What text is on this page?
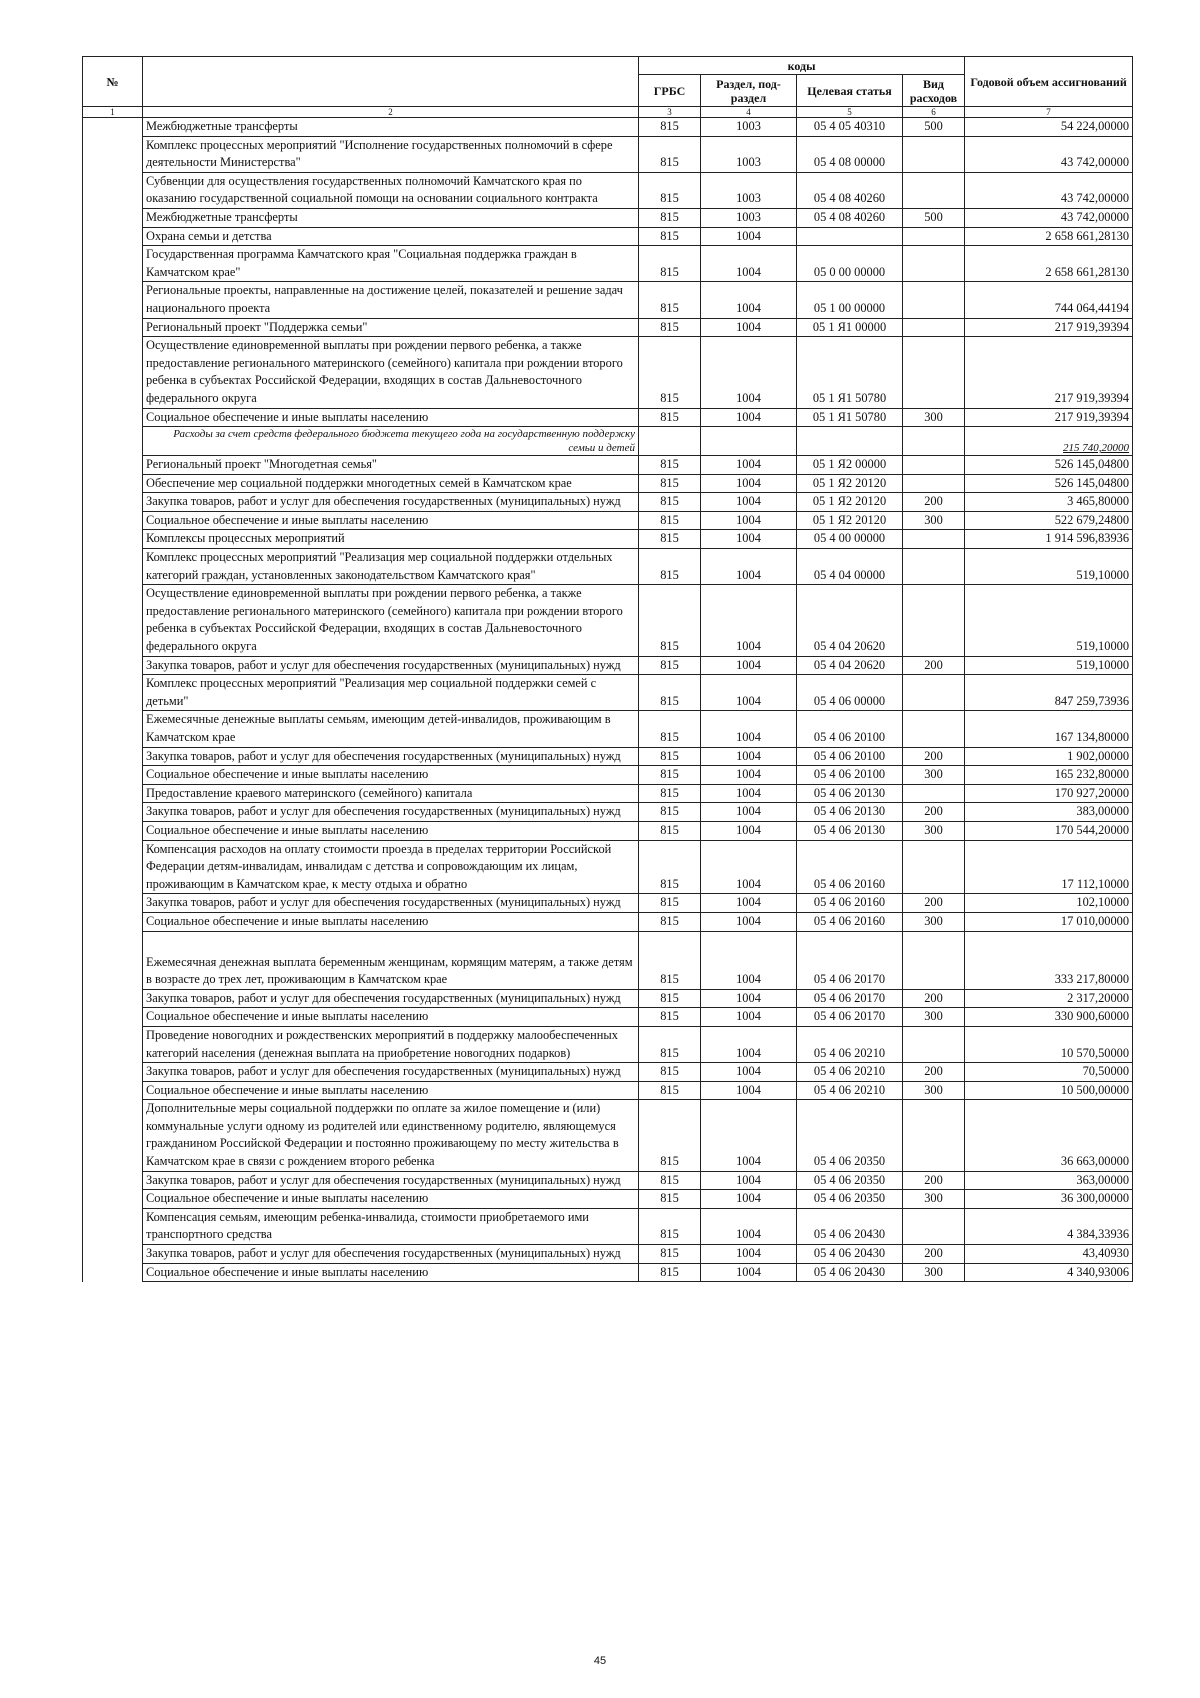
№		коды				Годовой объем ассигнований
		ГРБС	Раздел, под-раздел	Целевая статья	Вид расходов	
1	2	3	4	5	6	7
	Межбюджетные трансферты	815	1003	05 4 05 40310	500	54 224,00000
	Комплекс процессных мероприятий "Исполнение государственных полномочий в сфере деятельности Министерства"	815	1003	05 4 08 00000		43 742,00000
	Субвенции для осуществления государственных полномочий Камчатского края по оказанию государственной социальной помощи на основании социального контракта	815	1003	05 4 08 40260		43 742,00000
	Межбюджетные трансферты	815	1003	05 4 08 40260	500	43 742,00000
	Охрана семьи и детства	815	1004			2 658 661,28130
	Государственная программа Камчатского края "Социальная поддержка граждан в Камчатском крае"	815	1004	05 0 00 00000		2 658 661,28130
	Региональные проекты, направленные на достижение целей, показателей и решение задач национального проекта	815	1004	05 1 00 00000		744 064,44194
	Региональный проект "Поддержка семьи"	815	1004	05 1 Я1 00000		217 919,39394
	Осуществление единовременной выплаты при рождении первого ребенка, а также предоставление регионального материнского (семейного) капитала при рождении второго ребенка в субъектах Российской Федерации, входящих в состав Дальневосточного федерального округа	815	1004	05 1 Я1 50780		217 919,39394
	Социальное обеспечение и иные выплаты населению	815	1004	05 1 Я1 50780	300	217 919,39394
	Расходы за счет средств федерального бюджета текущего года на государственную поддержку семьи и детей					215 740,20000
	Региональный проект "Многодетная семья"	815	1004	05 1 Я2 00000		526 145,04800
	Обеспечение мер социальной поддержки многодетных семей в Камчатском крае	815	1004	05 1 Я2 20120		526 145,04800
	Закупка товаров, работ и услуг для обеспечения государственных (муниципальных) нужд	815	1004	05 1 Я2 20120	200	3 465,80000
	Социальное обеспечение и иные выплаты населению	815	1004	05 1 Я2 20120	300	522 679,24800
	Комплексы процессных мероприятий	815	1004	05 4 00 00000		1 914 596,83936
	Комплекс процессных мероприятий "Реализация мер социальной поддержки отдельных категорий граждан, установленных законодательством Камчатского края"	815	1004	05 4 04 00000		519,10000
	Осуществление единовременной выплаты при рождении первого ребенка, а также предоставление регионального материнского (семейного) капитала при рождении второго ребенка в субъектах Российской Федерации, входящих в состав Дальневосточного федерального округа	815	1004	05 4 04 20620		519,10000
	Закупка товаров, работ и услуг для обеспечения государственных (муниципальных) нужд	815	1004	05 4 04 20620	200	519,10000
	Комплекс процессных мероприятий "Реализация мер социальной поддержки семей с детьми"	815	1004	05 4 06 00000		847 259,73936
	Ежемесячные денежные выплаты семьям, имеющим детей-инвалидов, проживающим в Камчатском крае	815	1004	05 4 06 20100		167 134,80000
	Закупка товаров, работ и услуг для обеспечения государственных (муниципальных) нужд	815	1004	05 4 06 20100	200	1 902,00000
	Социальное обеспечение и иные выплаты населению	815	1004	05 4 06 20100	300	165 232,80000
	Предоставление краевого материнского (семейного) капитала	815	1004	05 4 06 20130		170 927,20000
	Закупка товаров, работ и услуг для обеспечения государственных (муниципальных) нужд	815	1004	05 4 06 20130	200	383,00000
	Социальное обеспечение и иные выплаты населению	815	1004	05 4 06 20130	300	170 544,20000
	Компенсация расходов на оплату стоимости проезда в пределах территории Российской Федерации детям-инвалидам, инвалидам с детства и сопровождающим их лицам, проживающим в Камчатском крае, к месту отдыха и обратно	815	1004	05 4 06 20160		17 112,10000
	Закупка товаров, работ и услуг для обеспечения государственных (муниципальных) нужд	815	1004	05 4 06 20160	200	102,10000
	Социальное обеспечение и иные выплаты населению	815	1004	05 4 06 20160	300	17 010,00000
	Ежемесячная денежная выплата беременным женщинам, кормящим матерям, а также детям в возрасте до трех лет, проживающим в Камчатском крае	815	1004	05 4 06 20170		333 217,80000
	Закупка товаров, работ и услуг для обеспечения государственных (муниципальных) нужд	815	1004	05 4 06 20170	200	2 317,20000
	Социальное обеспечение и иные выплаты населению	815	1004	05 4 06 20170	300	330 900,60000
	Проведение новогодних и рождественских мероприятий в поддержку малообеспеченных категорий населения (денежная выплата на приобретение новогодних подарков)	815	1004	05 4 06 20210		10 570,50000
	Закупка товаров, работ и услуг для обеспечения государственных (муниципальных) нужд	815	1004	05 4 06 20210	200	70,50000
	Социальное обеспечение и иные выплаты населению	815	1004	05 4 06 20210	300	10 500,00000
	Дополнительные меры социальной поддержки по оплате за жилое помещение и (или) коммунальные услуги одному из родителей или единственному родителю, являющемуся гражданином Российской Федерации и постоянно проживающему по месту жительства в Камчатском крае в связи с рождением второго ребенка	815	1004	05 4 06 20350		36 663,00000
	Закупка товаров, работ и услуг для обеспечения государственных (муниципальных) нужд	815	1004	05 4 06 20350	200	363,00000
	Социальное обеспечение и иные выплаты населению	815	1004	05 4 06 20350	300	36 300,00000
	Компенсация семьям, имеющим ребенка-инвалида, стоимости приобретаемого ими транспортного средства	815	1004	05 4 06 20430		4 384,33936
	Закупка товаров, работ и услуг для обеспечения государственных (муниципальных) нужд	815	1004	05 4 06 20430	200	43,40930
	Социальное обеспечение и иные выплаты населению	815	1004	05 4 06 20430	300	4 340,93006
45
